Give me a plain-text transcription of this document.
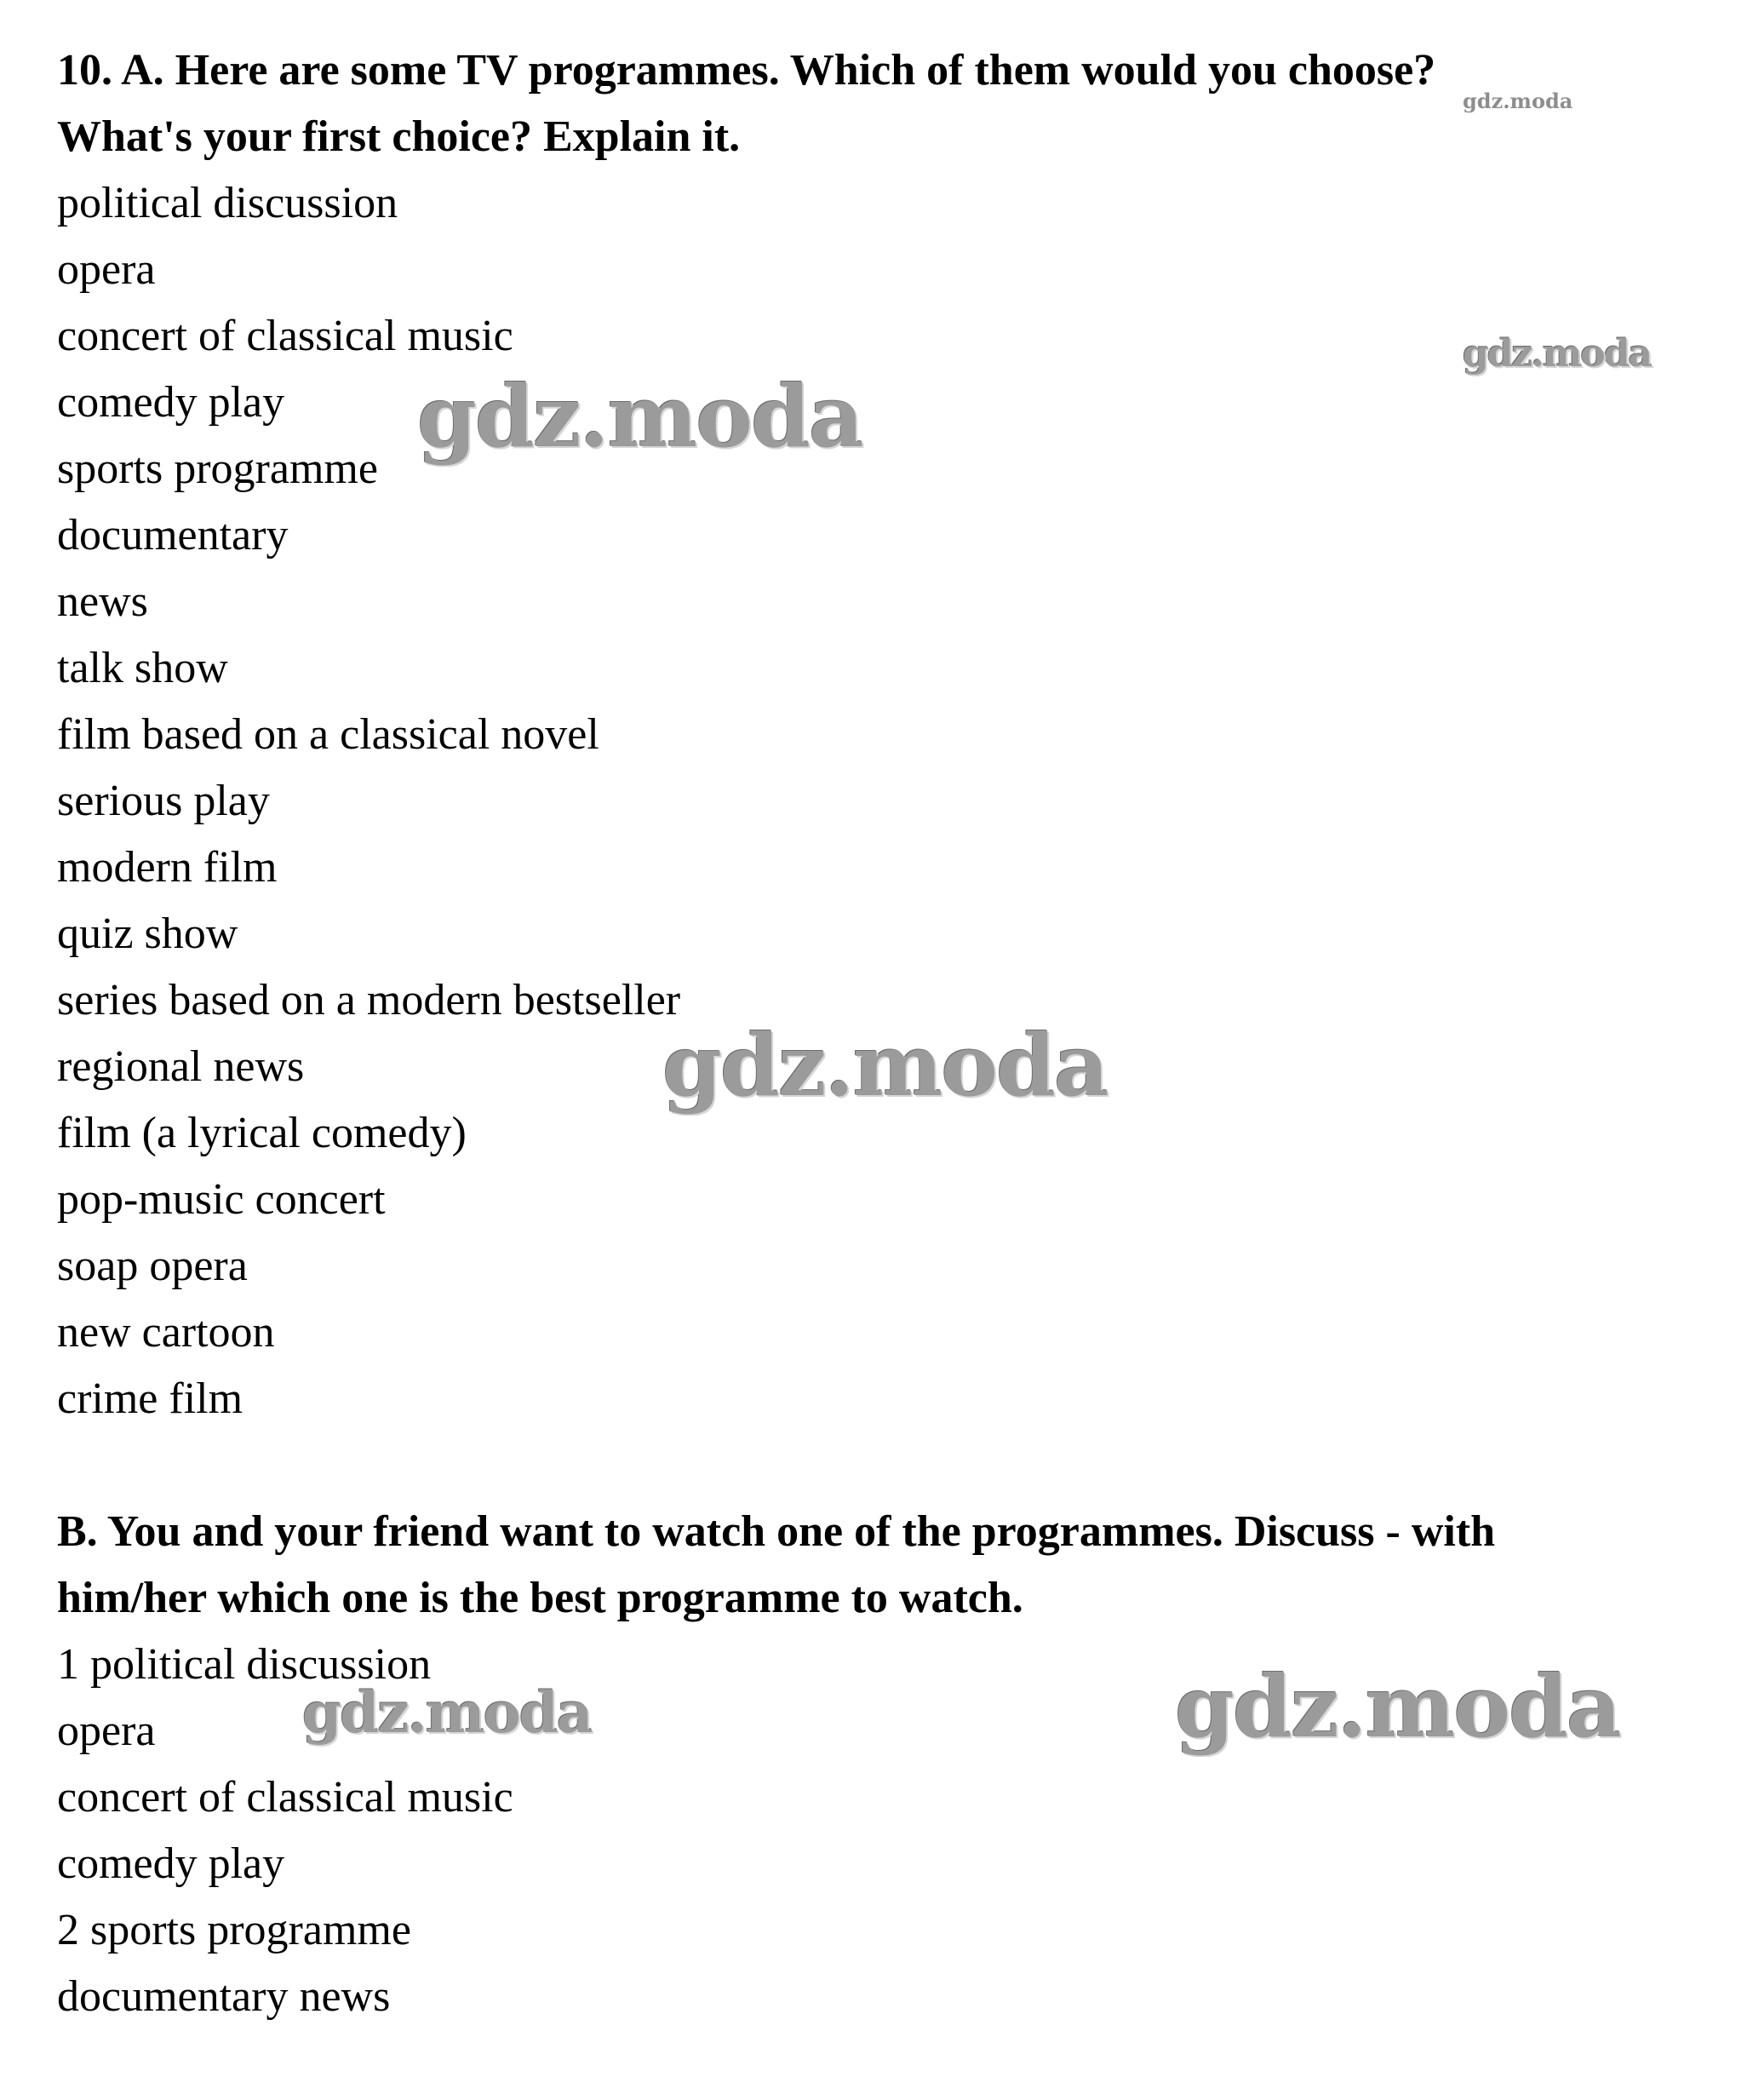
10. A. Here are some TV programmes. Which of them would you choose?

What's your first choice? Explain it.

political discussion

opera

concert of classical music

comedy play

sports programme

documentary

news

talk show

film based on a classical novel

serious play

modern film

quiz show

series based on a modern bestseller

regional news

film (a lyrical comedy)

pop-music concert

soap opera

new cartoon

crime film

B. You and your friend want to watch one of the programmes. Discuss - with

him/her which one is the best programme to watch.

1 political discussion

opera

concert of classical music

comedy play

2 sports programme

documentary news

gdz.moda
gdz.moda
gdz.moda
gdz.moda
gdz.moda	gdz.moda
